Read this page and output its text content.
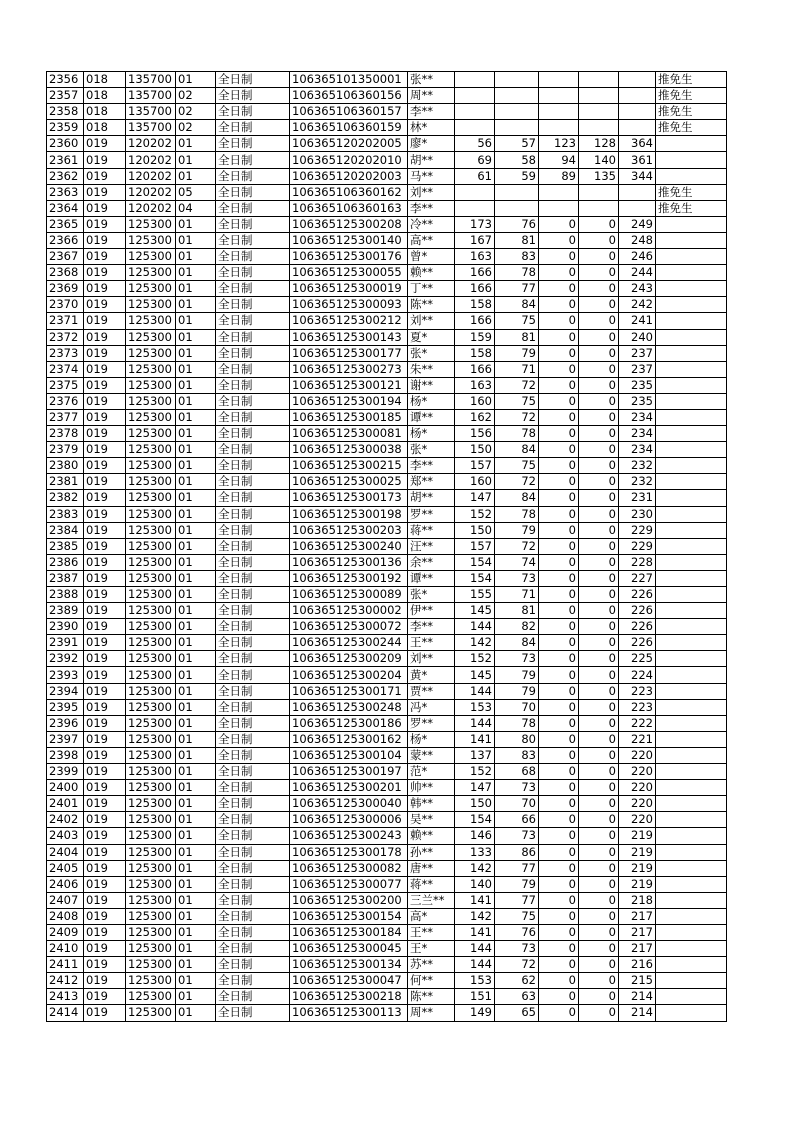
2356	018	135700	01	全日制	106365101350001	张**						推免生
2357	018	135700	02	全日制	106365106360156	周**						推免生
2358	018	135700	02	全日制	106365106360157	李**						推免生
2359	018	135700	02	全日制	106365106360159	林*						推免生
2360	019	120202	01	全日制	106365120202005	廖*	56	57	123	128	364	
2361	019	120202	01	全日制	106365120202010	胡**	69	58	94	140	361	
2362	019	120202	01	全日制	106365120202003	马**	61	59	89	135	344	
2363	019	120202	05	全日制	106365106360162	刘**						推免生
2364	019	120202	04	全日制	106365106360163	李**						推免生
2365	019	125300	01	全日制	106365125300208	冷**	173	76	0	0	249	
2366	019	125300	01	全日制	106365125300140	高**	167	81	0	0	248	
2367	019	125300	01	全日制	106365125300176	曾*	163	83	0	0	246	
2368	019	125300	01	全日制	106365125300055	赖**	166	78	0	0	244	
2369	019	125300	01	全日制	106365125300019	丁**	166	77	0	0	243	
2370	019	125300	01	全日制	106365125300093	陈**	158	84	0	0	242	
2371	019	125300	01	全日制	106365125300212	刘**	166	75	0	0	241	
2372	019	125300	01	全日制	106365125300143	夏*	159	81	0	0	240	
2373	019	125300	01	全日制	106365125300177	张*	158	79	0	0	237	
2374	019	125300	01	全日制	106365125300273	朱**	166	71	0	0	237	
2375	019	125300	01	全日制	106365125300121	谢**	163	72	0	0	235	
2376	019	125300	01	全日制	106365125300194	杨*	160	75	0	0	235	
2377	019	125300	01	全日制	106365125300185	谭**	162	72	0	0	234	
2378	019	125300	01	全日制	106365125300081	杨*	156	78	0	0	234	
2379	019	125300	01	全日制	106365125300038	张*	150	84	0	0	234	
2380	019	125300	01	全日制	106365125300215	李**	157	75	0	0	232	
2381	019	125300	01	全日制	106365125300025	郑**	160	72	0	0	232	
2382	019	125300	01	全日制	106365125300173	胡**	147	84	0	0	231	
2383	019	125300	01	全日制	106365125300198	罗**	152	78	0	0	230	
2384	019	125300	01	全日制	106365125300203	蒋**	150	79	0	0	229	
2385	019	125300	01	全日制	106365125300240	汪**	157	72	0	0	229	
2386	019	125300	01	全日制	106365125300136	余**	154	74	0	0	228	
2387	019	125300	01	全日制	106365125300192	谭**	154	73	0	0	227	
2388	019	125300	01	全日制	106365125300089	张*	155	71	0	0	226	
2389	019	125300	01	全日制	106365125300002	伊**	145	81	0	0	226	
2390	019	125300	01	全日制	106365125300072	李**	144	82	0	0	226	
2391	019	125300	01	全日制	106365125300244	王**	142	84	0	0	226	
2392	019	125300	01	全日制	106365125300209	刘**	152	73	0	0	225	
2393	019	125300	01	全日制	106365125300204	黄*	145	79	0	0	224	
2394	019	125300	01	全日制	106365125300171	贾**	144	79	0	0	223	
2395	019	125300	01	全日制	106365125300248	冯*	153	70	0	0	223	
2396	019	125300	01	全日制	106365125300186	罗**	144	78	0	0	222	
2397	019	125300	01	全日制	106365125300162	杨*	141	80	0	0	221	
2398	019	125300	01	全日制	106365125300104	蒙**	137	83	0	0	220	
2399	019	125300	01	全日制	106365125300197	范*	152	68	0	0	220	
2400	019	125300	01	全日制	106365125300201	帅**	147	73	0	0	220	
2401	019	125300	01	全日制	106365125300040	韩**	150	70	0	0	220	
2402	019	125300	01	全日制	106365125300006	吴**	154	66	0	0	220	
2403	019	125300	01	全日制	106365125300243	赖**	146	73	0	0	219	
2404	019	125300	01	全日制	106365125300178	孙**	133	86	0	0	219	
2405	019	125300	01	全日制	106365125300082	唐**	142	77	0	0	219	
2406	019	125300	01	全日制	106365125300077	蒋**	140	79	0	0	219	
2407	019	125300	01	全日制	106365125300200	三兰**	141	77	0	0	218	
2408	019	125300	01	全日制	106365125300154	高*	142	75	0	0	217	
2409	019	125300	01	全日制	106365125300184	王**	141	76	0	0	217	
2410	019	125300	01	全日制	106365125300045	王*	144	73	0	0	217	
2411	019	125300	01	全日制	106365125300134	苏**	144	72	0	0	216	
2412	019	125300	01	全日制	106365125300047	何**	153	62	0	0	215	
2413	019	125300	01	全日制	106365125300218	陈**	151	63	0	0	214	
2414	019	125300	01	全日制	106365125300113	周**	149	65	0	0	214	
